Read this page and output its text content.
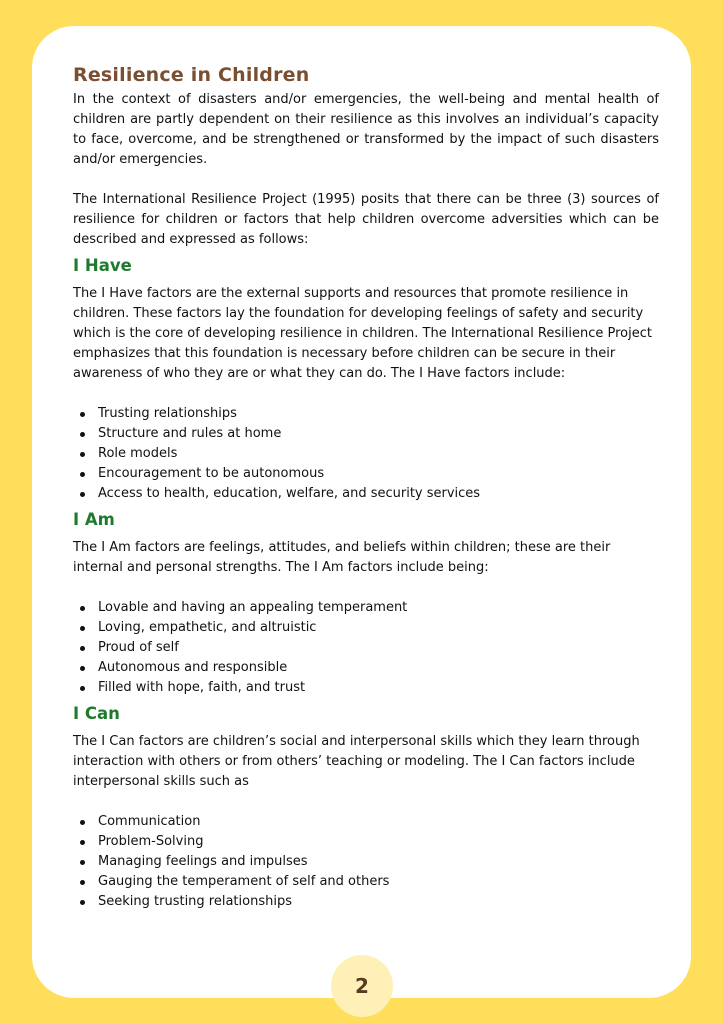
Resilience in Children

In the context of disasters and/or emergencies, the well-being and mental health of children are partly dependent on their resilience as this involves an individual’s capacity to face, overcome, and be strengthened or transformed by the impact of such disasters and/or emergencies.

The International Resilience Project (1995) posits that there can be three (3) sources of resilience for children or factors that help children overcome adversities which can be described and expressed as follows:

I Have

The I Have factors are the external supports and resources that promote resilience in children. These factors lay the foundation for developing feelings of safety and security which is the core of developing resilience in children. The International Resilience Project emphasizes that this foundation is necessary before children can be secure in their awareness of who they are or what they can do. The I Have factors include:

Trusting relationships
Structure and rules at home
Role models
Encouragement to be autonomous
Access to health, education, welfare, and security services
I Am

The I Am factors are feelings, attitudes, and beliefs within children; these are their internal and personal strengths. The I Am factors include being:

Lovable and having an appealing temperament
Loving, empathetic, and altruistic
Proud of self
Autonomous and responsible
Filled with hope, faith, and trust
I Can

The I Can factors are children’s social and interpersonal skills which they learn through interaction with others or from others’ teaching or modeling. The I Can factors include interpersonal skills such as

Communication
Problem-Solving
Managing feelings and impulses
Gauging the temperament of self and others
Seeking trusting relationships
2
